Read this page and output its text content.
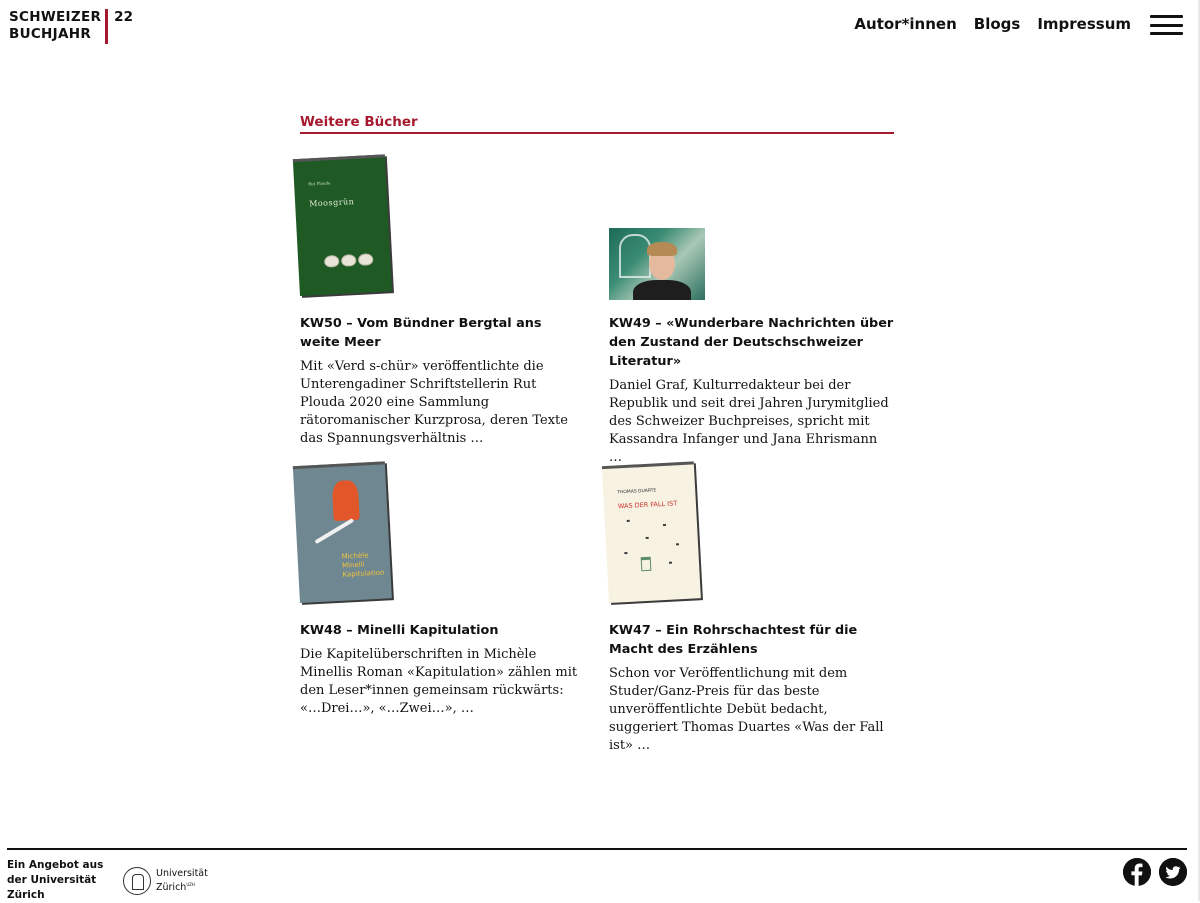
SCHWEIZER
BUCHJAHR
22	Autor*innen Blogs Impressum
Weitere Bücher
Rut Plouda
Moosgrün
KW50 – Vom Bündner Bergtal ans weite Meer

Mit «Verd s-chür» veröffentlichte die Unterengadiner Schriftstellerin Rut Plouda 2020 eine Sammlung rätoromanischer Kurzprosa, deren Texte das Spannungsverhältnis …

KW49 – «Wunderbare Nachrichten über den Zustand der Deutschschweizer Literatur»

Daniel Graf, Kulturredakteur bei der Republik und seit drei Jahren Jurymitglied des Schweizer Buchpreises, spricht mit Kassandra Infanger und Jana Ehrismann …

Michèle Minelli
Kapitulation
KW48 – Minelli Kapitulation

Die Kapitelüberschriften in Michèle Minellis Roman «Kapitulation» zählen mit den Leser*innen gemeinsam rückwärts: «…Drei…», «…Zwei…», …

THOMAS DUARTE
WAS DER FALL IST
KW47 – Ein Rohrschachtest für die Macht des Erzählens

Schon vor Veröffentlichung mit dem Studer/Ganz-Preis für das beste unveröffentlichte Debüt bedacht, suggeriert Thomas Duartes «Was der Fall ist» …

Ein Angebot aus der Universität Zürich
Universität
Zürich$^{UZH}$
